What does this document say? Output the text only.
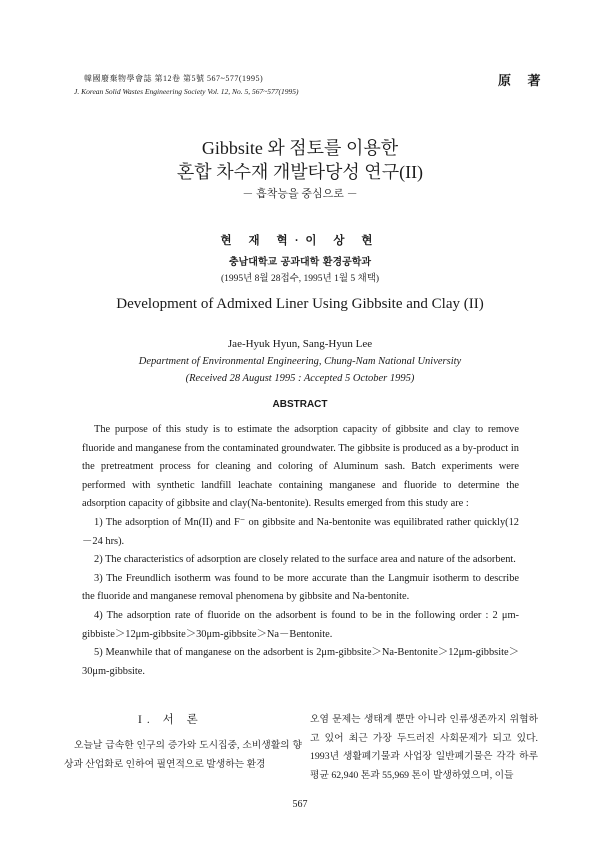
韓國廢棄物學會誌 第12卷 第5號 567~577(1995)
J. Korean Solid Wastes Engineering Society Vol. 12, No. 5, 567~577(1995)
原 著
Gibbsite 와 점토를 이용한
혼합 차수재 개발타당성 연구(II)
－ 흡착능을 중심으로 －
현 재 혁·이 상 현
충남대학교 공과대학 환경공학과
(1995년 8월 28접수, 1995년 1월 5 채택)
Development of Admixed Liner Using Gibbsite and Clay (II)
Jae-Hyuk Hyun, Sang-Hyun Lee
Department of Environmental Engineering, Chung-Nam National University
(Received 28 August 1995 : Accepted 5 October 1995)
ABSTRACT

The purpose of this study is to estimate the adsorption capacity of gibbsite and clay to remove fluoride and manganese from the contaminated groundwater. The gibbsite is produced as a by-product in the pretreatment process for cleaning and coloring of Aluminum sash. Batch experiments were performed with synthetic landfill leachate containing manganese and fluoride to determine the adsorption capacity of gibbsite and clay(Na-bentonite). Results emerged from this study are :

1) The adsorption of Mn(II) and F⁻ on gibbsite and Na-bentonite was equilibrated rather quickly(12－24 hrs).

2) The characteristics of adsorption are closely related to the surface area and nature of the adsorbent.

3) The Freundlich isotherm was found to be more accurate than the Langmuir isotherm to describe the fluoride and manganese removal phenomena by gibbsite and Na-bentonite.

4) The adsorption rate of fluoride on the adsorbent is found to be in the following order : 2 μm-gibbiste＞12μm-gibbsite＞30μm-gibbsite＞Na－Bentonite.

5) Meanwhile that of manganese on the adsorbent is 2μm-gibbsite＞Na-Bentonite＞12μm-gibbsite＞30μm-gibbsite.

I. 서 론

오늘날 급속한 인구의 증가와 도시집중, 소비생활의 향상과 산업화로 인하여 필연적으로 발생하는 환경

오염 문제는 생태계 뿐만 아니라 인류생존까지 위협하고 있어 최근 가장 두드러진 사회문제가 되고 있다. 1993년 생활폐기물과 사업장 일반폐기물은 각각 하루 평균 62,940 톤과 55,969 톤이 발생하였으며, 이들

567
